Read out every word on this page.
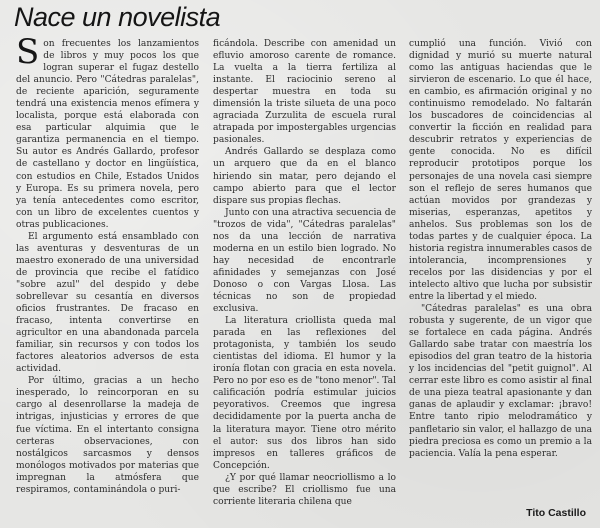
Nace un novelista

Son frecuentes los lanzamientos de libros y muy pocos los que logran superar el fugaz destello del anuncio. Pero "Cátedras paralelas", de reciente aparición, seguramente tendrá una existencia menos efímera y localista, porque está elaborada con esa particular alquimia que le garantiza permanencia en el tiempo. Su autor es Andrés Gallardo, profesor de castellano y doctor en lingüística, con estudios en Chile, Estados Unidos y Europa. Es su primera novela, pero ya tenía antecedentes como escritor, con un libro de excelentes cuentos y otras publicaciones.

El argumento está ensamblado con las aventuras y desventuras de un maestro exonerado de una universidad de provincia que recibe el fatídico "sobre azul" del despido y debe sobrellevar su cesantía en diversos oficios frustrantes. De fracaso en fracaso, intenta convertirse en agricultor en una abandonada parcela familiar, sin recursos y con todos los factores aleatorios adversos de esta actividad.

Por último, gracias a un hecho inesperado, lo reincorporan en su cargo al desenrollarse la madeja de intrigas, injusticias y errores de que fue víctima. En el intertanto consigna certeras observaciones, con nostálgicos sarcasmos y densos monólogos motivados por materias que impregnan la atmósfera que respiramos, contaminándola o puri-

ficándola. Describe con amenidad un efluvio amoroso carente de romance. La vuelta a la tierra fertiliza al instante. El raciocinio sereno al despertar muestra en toda su dimensión la triste silueta de una poco agraciada Zurzulita de escuela rural atrapada por impostergables urgencias pasionales.

Andrés Gallardo se desplaza como un arquero que da en el blanco hiriendo sin matar, pero dejando el campo abierto para que el lector dispare sus propias flechas.

Junto con una atractiva secuencia de "trozos de vida", "Cátedras paralelas" nos da una lección de narrativa moderna en un estilo bien logrado. No hay necesidad de encontrarle afinidades y semejanzas con José Donoso o con Vargas Llosa. Las técnicas no son de propiedad exclusiva.

La literatura criollista queda mal parada en las reflexiones del protagonista, y también los seudo cientistas del idioma. El humor y la ironía flotan con gracia en esta novela. Pero no por eso es de "tono menor". Tal calificación podría estimular juicios peyorativos. Creemos que ingresa decididamente por la puerta ancha de la literatura mayor. Tiene otro mérito el autor: sus dos libros han sido impresos en talleres gráficos de Concepción.

¿Y por qué llamar neocriollismo a lo que escribe? El criollismo fue una corriente literaria chilena que

cumplió una función. Vivió con dignidad y murió su muerte natural como las antiguas haciendas que le sirvieron de escenario. Lo que él hace, en cambio, es afirmación original y no continuismo remodelado. No faltarán los buscadores de coincidencias al convertir la ficción en realidad para descubrir retratos y experiencias de gente conocida. No es difícil reproducir prototipos porque los personajes de una novela casi siempre son el reflejo de seres humanos que actúan movidos por grandezas y miserias, esperanzas, apetitos y anhelos. Sus problemas son los de todas partes y de cualquier época. La historia registra innumerables casos de intolerancia, incomprensiones y recelos por las disidencias y por el intelecto altivo que lucha por subsistir entre la libertad y el miedo.

"Cátedras paralelas" es una obra robusta y sugerente, de un vigor que se fortalece en cada página. Andrés Gallardo sabe tratar con maestría los episodios del gran teatro de la historia y los incidencias del "petit guignol". Al cerrar este libro es como asistir al final de una pieza teatral apasionante y dan ganas de aplaudir y exclamar: ¡bravo! Entre tanto ripio melodramático y panfletario sin valor, el hallazgo de una piedra preciosa es como un premio a la paciencia. Valía la pena esperar.

Tito Castillo
